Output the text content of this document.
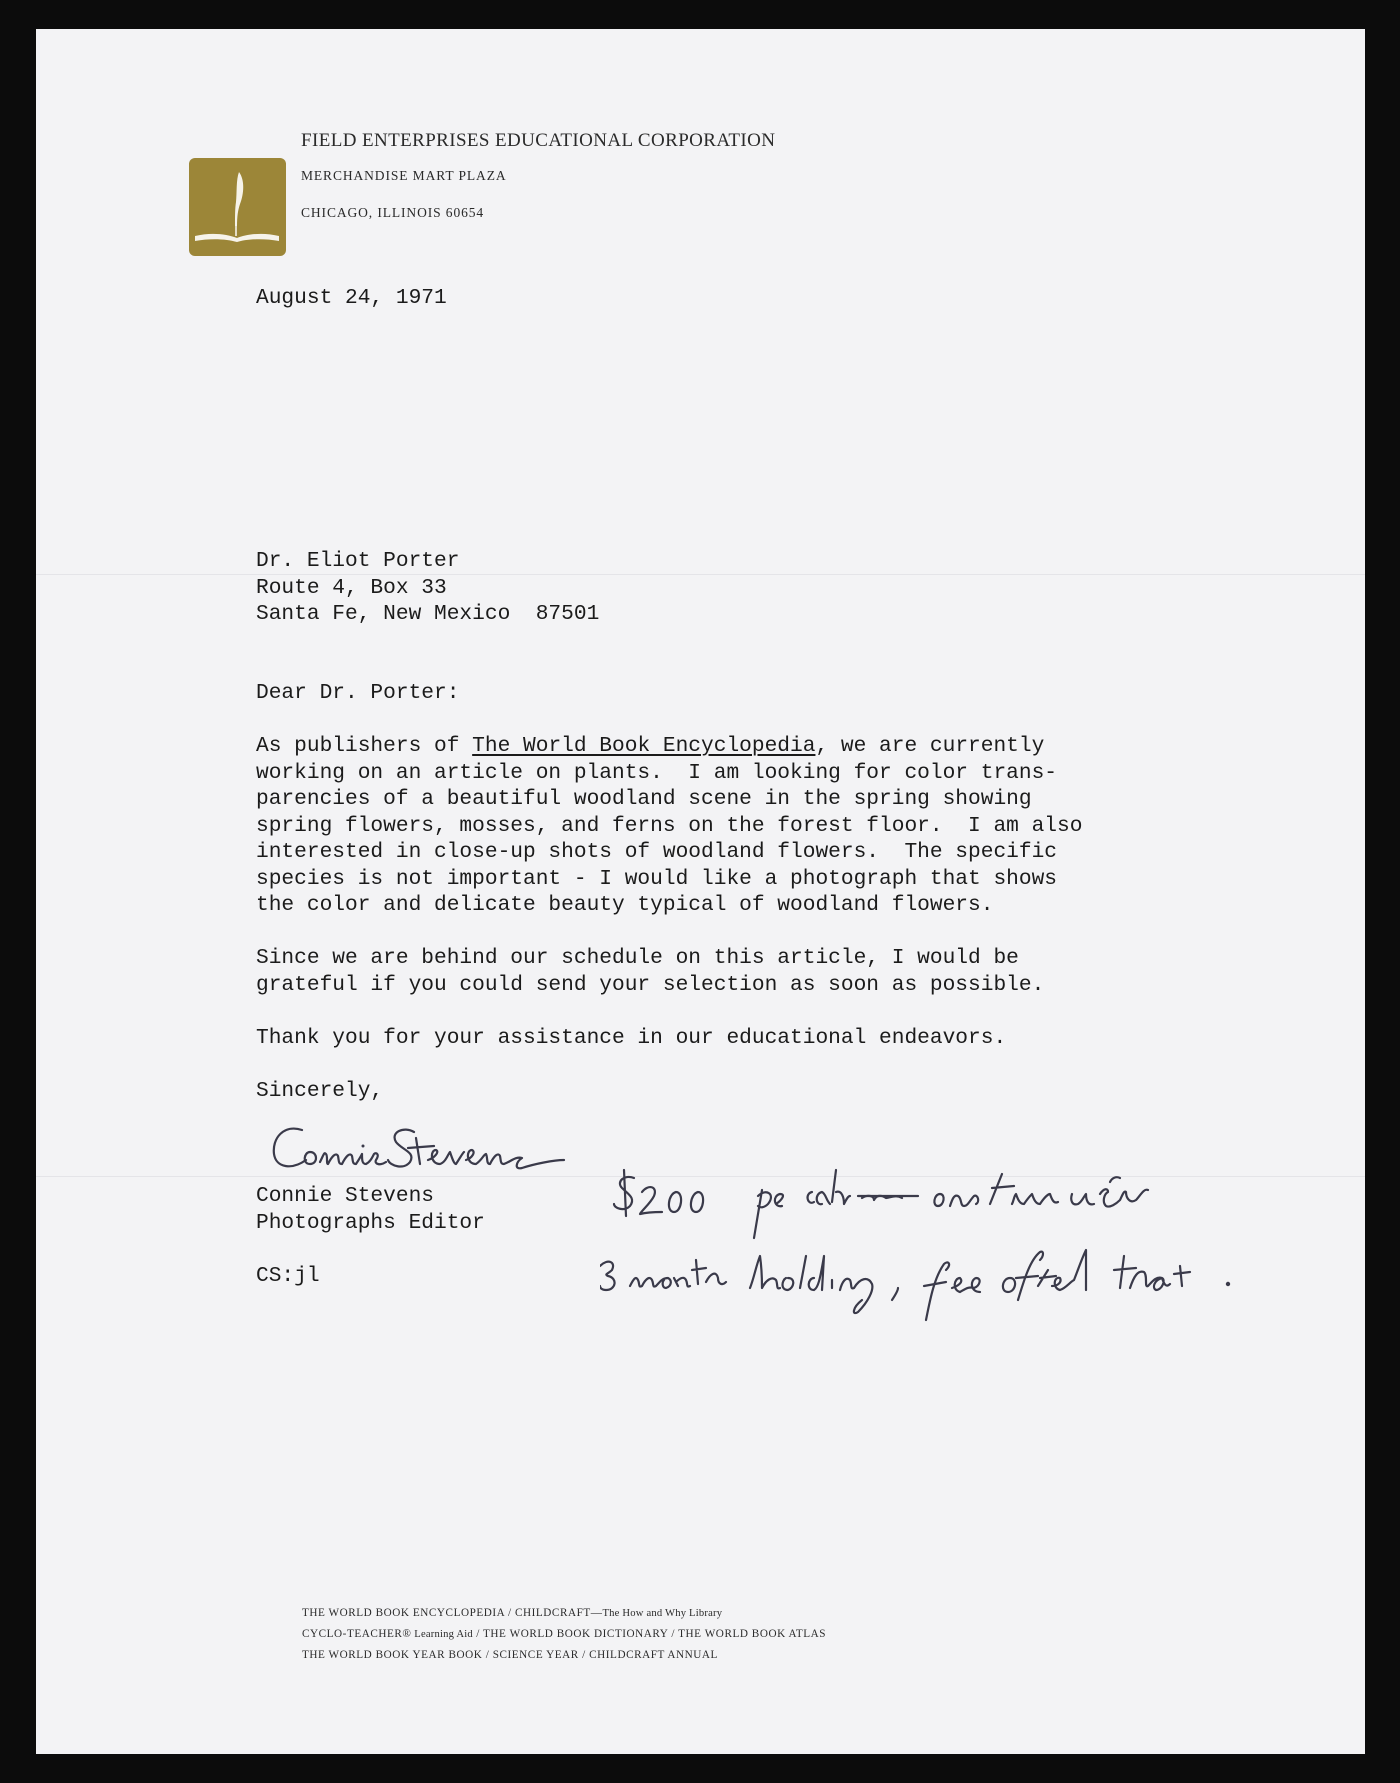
FIELD ENTERPRISES EDUCATIONAL CORPORATION
MERCHANDISE MART PLAZA
CHICAGO, ILLINOIS 60654
August 24, 1971
Dr. Eliot Porter
Route 4, Box 33
Santa Fe, New Mexico  87501
Dear Dr. Porter:
As publishers of The World Book Encyclopedia, we are currently
working on an article on plants.  I am looking for color trans-
parencies of a beautiful woodland scene in the spring showing
spring flowers, mosses, and ferns on the forest floor.  I am also
interested in close-up shots of woodland flowers.  The specific
species is not important - I would like a photograph that shows
the color and delicate beauty typical of woodland flowers.
Since we are behind our schedule on this article, I would be
grateful if you could send your selection as soon as possible.
Thank you for your assistance in our educational endeavors.
Sincerely,
Connie Stevens
Photographs Editor
CS:jl
THE WORLD BOOK ENCYCLOPEDIA / CHILDCRAFT—The How and Why Library
CYCLO-TEACHER® Learning Aid / THE WORLD BOOK DICTIONARY / THE WORLD BOOK ATLAS
THE WORLD BOOK YEAR BOOK / SCIENCE YEAR / CHILDCRAFT ANNUAL
